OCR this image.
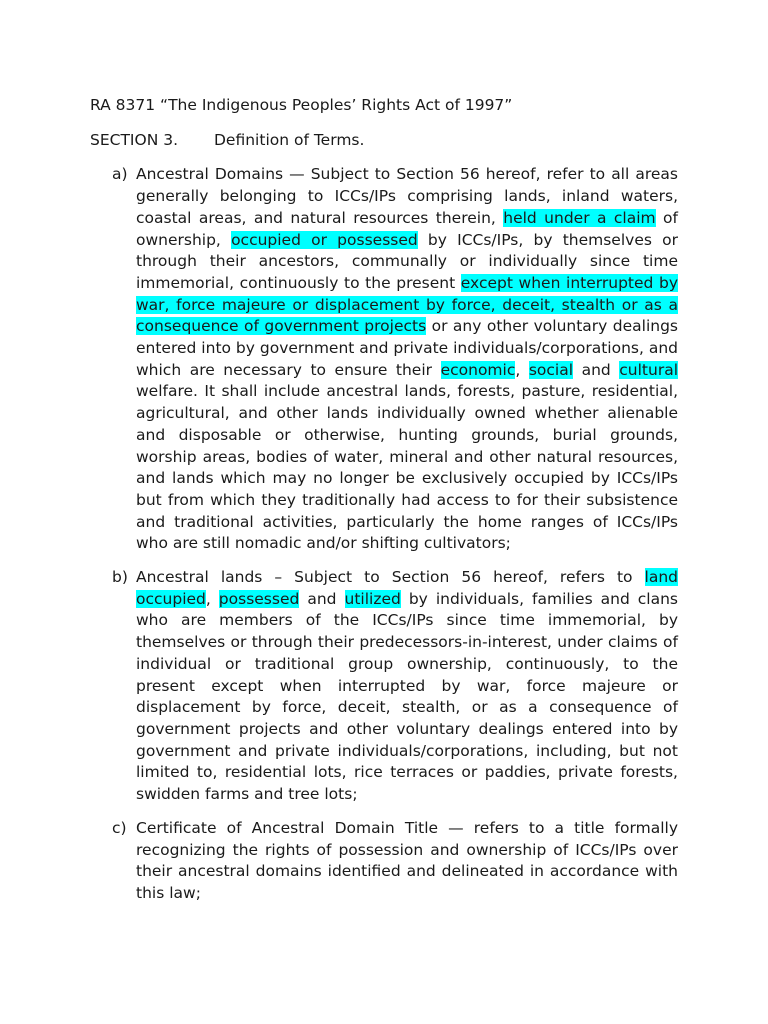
RA 8371 “The Indigenous Peoples’ Rights Act of 1997”

SECTION 3. Definition of Terms.
a) Ancestral Domains — Subject to Section 56 hereof, refer to all areas generally belonging to ICCs/IPs comprising lands, inland waters, coastal areas, and natural resources therein, held under a claim of ownership, occupied or possessed by ICCs/IPs, by themselves or through their ancestors, communally or individually since time immemorial, continuously to the present except when interrupted by war, force majeure or displacement by force, deceit, stealth or as a consequence of government projects or any other voluntary dealings entered into by government and private individuals/corporations, and which are necessary to ensure their economic, social and cultural welfare. It shall include ancestral lands, forests, pasture, residential, agricultural, and other lands individually owned whether alienable and disposable or otherwise, hunting grounds, burial grounds, worship areas, bodies of water, mineral and other natural resources, and lands which may no longer be exclusively occupied by ICCs/IPs but from which they traditionally had access to for their subsistence and traditional activities, particularly the home ranges of ICCs/IPs who are still nomadic and/or shifting cultivators;
b) Ancestral lands – Subject to Section 56 hereof, refers to land occupied, possessed and utilized by individuals, families and clans who are members of the ICCs/IPs since time immemorial, by themselves or through their predecessors-in-interest, under claims of individual or traditional group ownership, continuously, to the present except when interrupted by war, force majeure or displacement by force, deceit, stealth, or as a consequence of government projects and other voluntary dealings entered into by government and private individuals/corporations, including, but not limited to, residential lots, rice terraces or paddies, private forests, swidden farms and tree lots;
c) Certificate of Ancestral Domain Title — refers to a title formally recognizing the rights of possession and ownership of ICCs/IPs over their ancestral domains identified and delineated in accordance with this law;
